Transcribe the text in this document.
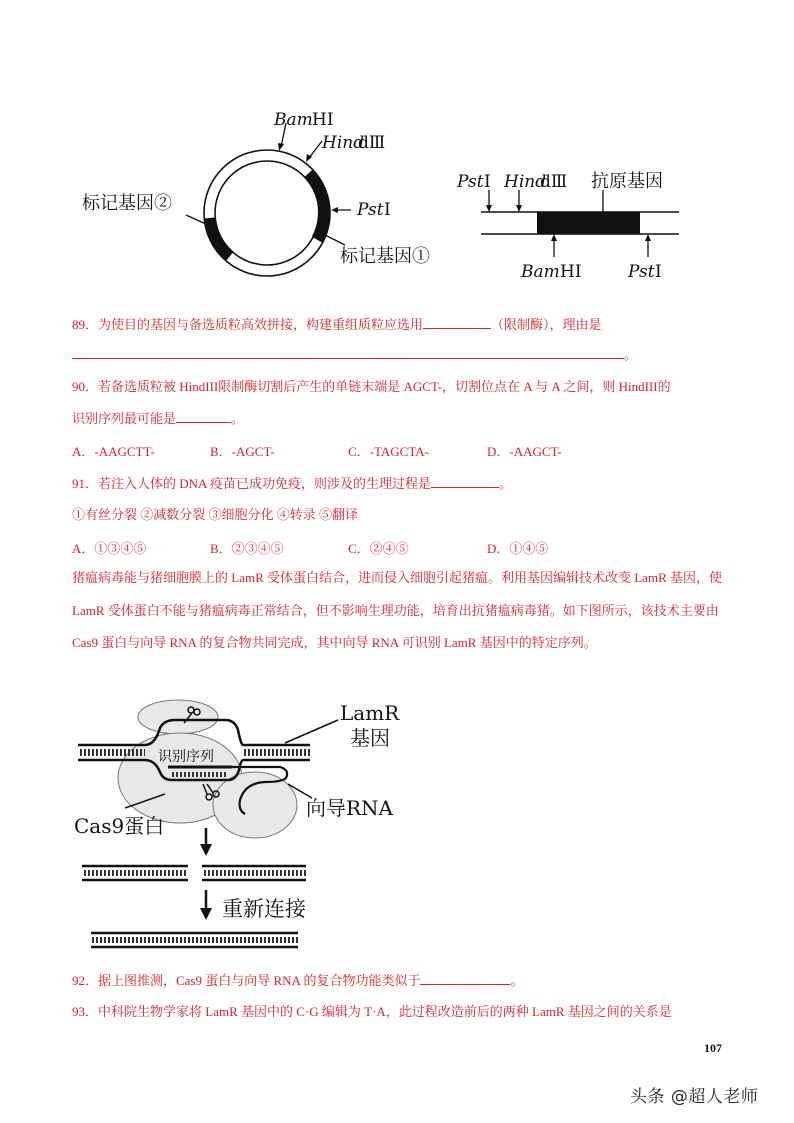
Bam HⅠ
Hind
dⅢ
Pst Ⅰ
标记基因②
标记基因①
Pst Ⅰ Hind
dⅢ 抗原基因
Bam HⅠ	Pst Ⅰ
89．为使目的基因与备选质粒高效拼接，构建重组质粒应选用	（限制酶），理由是
。
90．若备选质粒被 HindIII限制酶切割后产生的单链末端是 AGCT-，切割位点在 A 与 A 之间，则 HindIII的
识别序列最可能是	。
A．-AAGCTT-	B．-AGCT-	C．-TAGCTA-	D．-AAGCT-
91．若注入人体的 DNA 疫苗已成功免疫，则涉及的生理过程是	。
①有丝分裂 ②减数分裂 ③细胞分化 ④转录 ⑤翻译
A．①③④⑤	B．②③④⑤	C．②④⑤	D．①④⑤
猪瘟病毒能与猪细胞膜上的 LamR 受体蛋白结合，进而侵入细胞引起猪瘟。利用基因编辑技术改变 LamR 基因，使 LamR 受体蛋白不能与猪瘟病毒正常结合，但不影响生理功能，培育出抗猪瘟病毒猪。如下图所示，该技术主要由 Cas9 蛋白与向导 RNA 的复合物共同完成，其中向导 RNA 可识别 LamR 基因中的特定序列。
LamR
基因
识别序列
向导RNA
Cas9蛋白
重新连接
92．据上图推测，Cas9 蛋白与向导 RNA 的复合物功能类似于	。
93．中科院生物学家将 LamR 基因中的 C·G 编辑为 T·A，此过程改造前后的两种 LamR 基因之间的关系是
107
头条 @超人老师
